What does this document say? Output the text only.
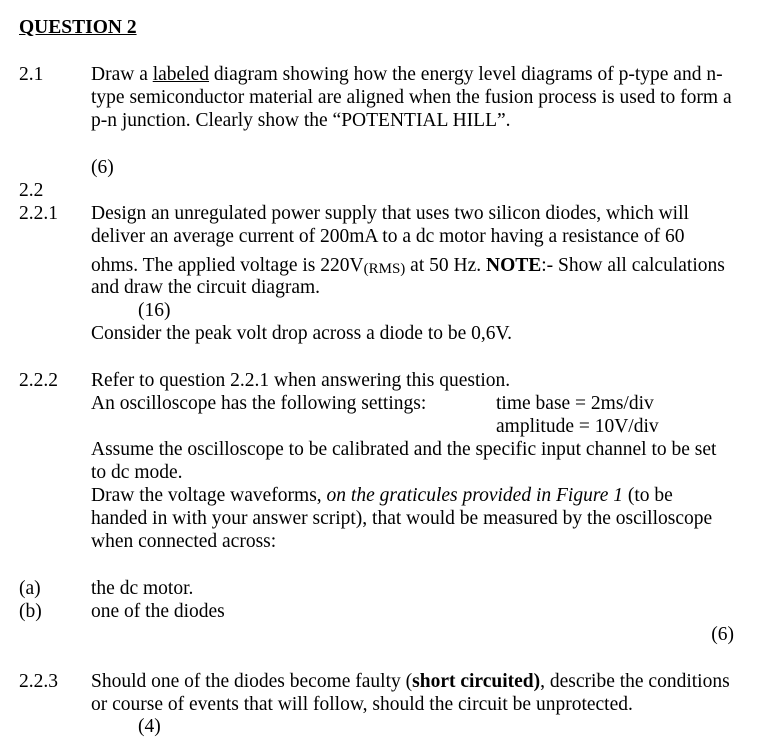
QUESTION 2
2.1 Draw a labeled diagram showing how the energy level diagrams of p-type and n-
type semiconductor material are aligned when the fusion process is used to form a
p-n junction. Clearly show the “POTENTIAL HILL”.
(6)
2.2
2.2.1 Design an unregulated power supply that uses two silicon diodes, which will
deliver an average current of 200mA to a dc motor having a resistance of 60
ohms. The applied voltage is 220V(RMS) at 50 Hz. NOTE:- Show all calculations
and draw the circuit diagram.
(16)
Consider the peak volt drop across a diode to be 0,6V.
2.2.2 Refer to question 2.2.1 when answering this question.
An oscilloscope has the following settings:	time base = 2ms/div
amplitude = 10V/div
Assume the oscilloscope to be calibrated and the specific input channel to be set
to dc mode.
Draw the voltage waveforms, on the graticules provided in Figure 1 (to be
handed in with your answer script), that would be measured by the oscilloscope
when connected across:
(a)	the dc motor.
(b)	one of the diodes
(6)
2.2.3 Should one of the diodes become faulty (short circuited), describe the conditions
or course of events that will follow, should the circuit be unprotected.
(4)
